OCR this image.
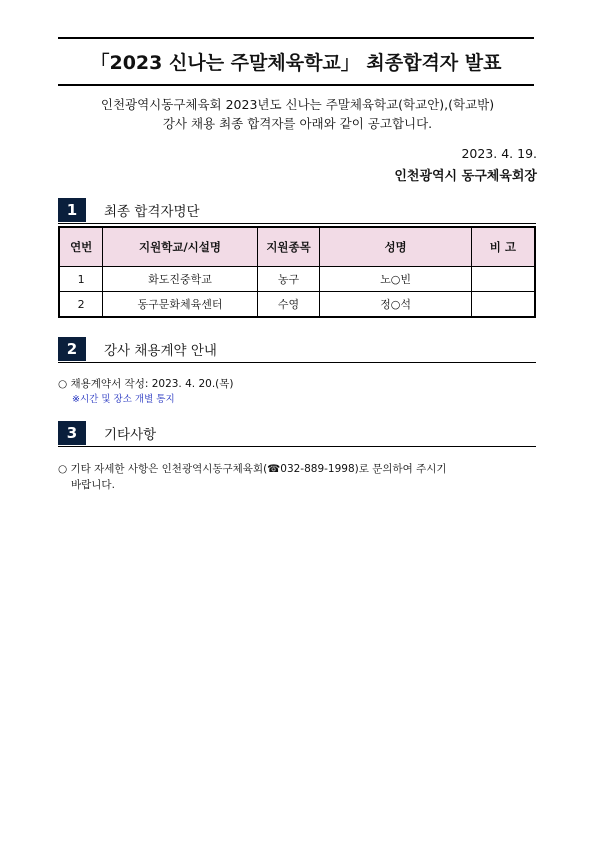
「2023 신나는 주말체육학교」 최종합격자 발표
인천광역시동구체육회 2023년도 신나는 주말체육학교(학교안),(학교밖)
강사 채용 최종 합격자를 아래와 같이 공고합니다.
2023. 4. 19.
인천광역시 동구체육회장
1	최종 합격자명단
연번	지원학교/시설명	지원종목	성명	비 고
1	화도진중학교	농구	노○빈	
2	동구문화체육센터	수영	정○석	
2	강사 채용계약 안내
○ 채용계약서 작성: 2023. 4. 20.(목)
※시간 및 장소 개별 통지
3	기타사항
○ 기타 자세한 사항은 인천광역시동구체육회(☎032-889-1998)로 문의하여 주시기
바랍니다.
